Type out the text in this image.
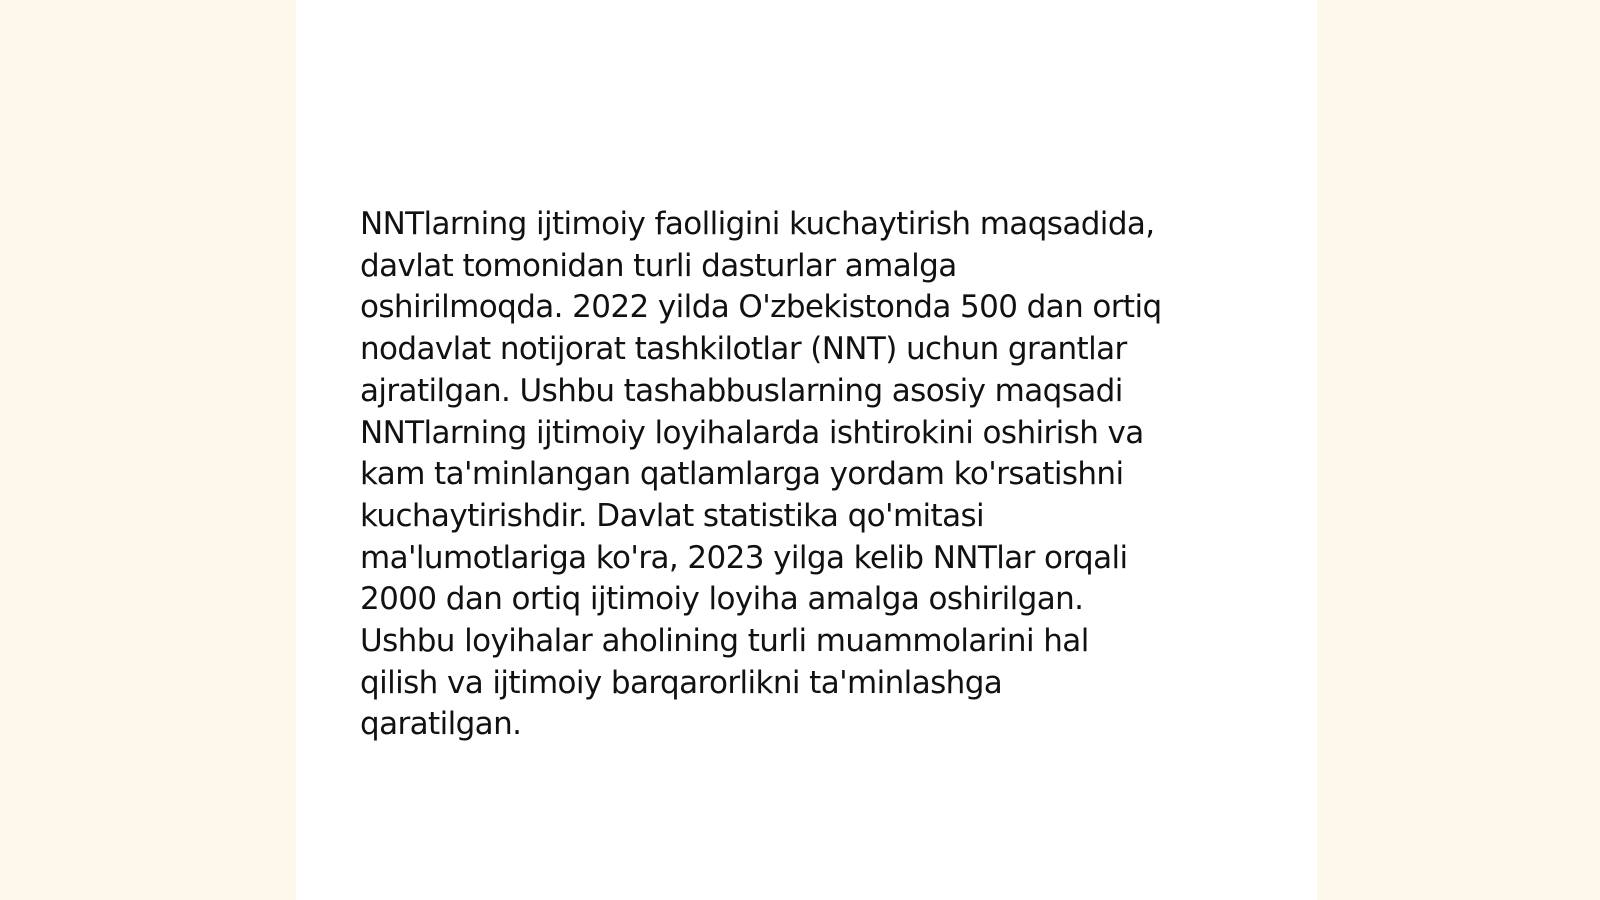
NNTlarning ijtimoiy faolligini kuchaytirish maqsadida,
davlat tomonidan turli dasturlar amalga
oshirilmoqda. 2022 yilda O'zbekistonda 500 dan ortiq
nodavlat notijorat tashkilotlar (NNT) uchun grantlar
ajratilgan. Ushbu tashabbuslarning asosiy maqsadi
NNTlarning ijtimoiy loyihalarda ishtirokini oshirish va
kam ta'minlangan qatlamlarga yordam ko'rsatishni
kuchaytirishdir. Davlat statistika qo'mitasi
ma'lumotlariga ko'ra, 2023 yilga kelib NNTlar orqali
2000 dan ortiq ijtimoiy loyiha amalga oshirilgan.
Ushbu loyihalar aholining turli muammolarini hal
qilish va ijtimoiy barqarorlikni ta'minlashga
qaratilgan.
